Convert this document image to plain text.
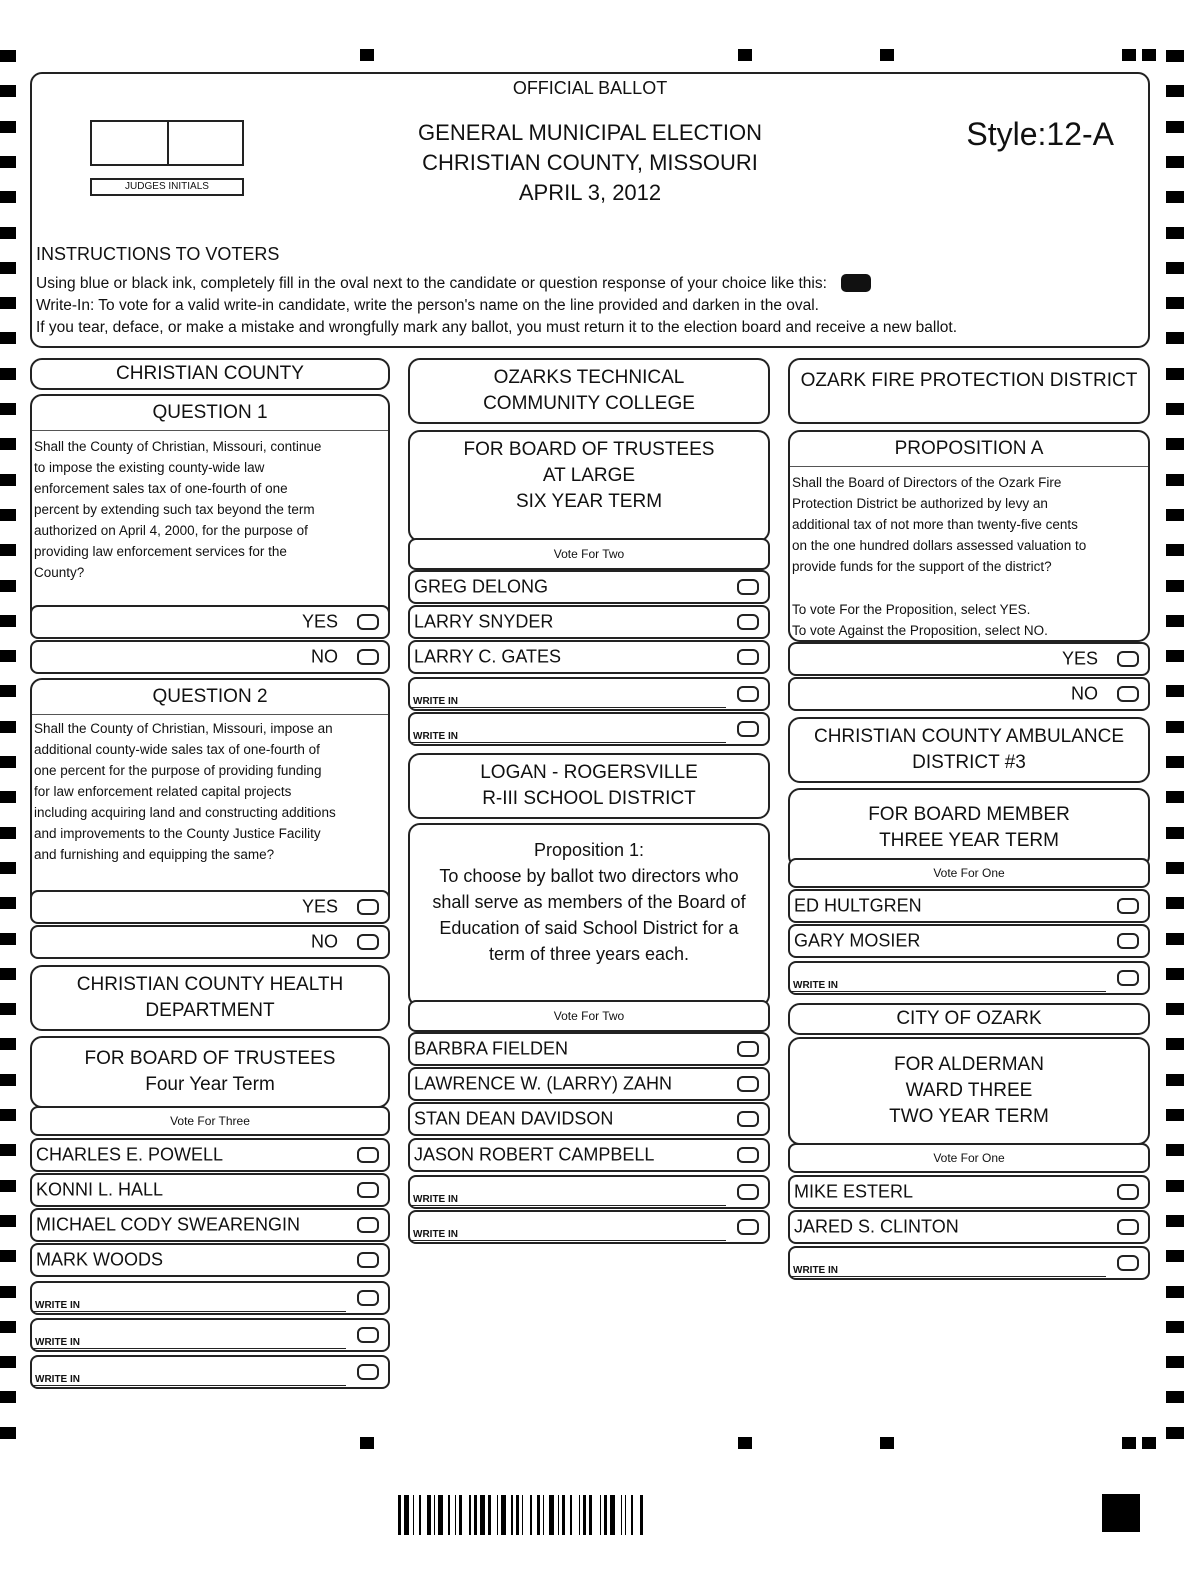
OFFICIAL BALLOT
GENERAL MUNICIPAL ELECTION
CHRISTIAN COUNTY, MISSOURI
APRIL 3, 2012
Style:12-A
JUDGES INITIALS
INSTRUCTIONS TO VOTERS
Using blue or black ink, completely fill in the oval next to the candidate or question response of your choice like this:
Write-In: To vote for a valid write-in candidate, write the person's name on the line provided and darken in the oval.
If you tear, deface, or make a mistake and wrongfully mark any ballot, you must return it to the election board and receive a new ballot.
CHRISTIAN COUNTY
QUESTION 1
Shall the County of Christian, Missouri, continue
to impose the existing county-wide law
enforcement sales tax of one-fourth of one
percent by extending such tax beyond the term
authorized on April 4, 2000, for the purpose of
providing law enforcement services for the
County?
YES
NO
QUESTION 2
Shall the County of Christian, Missouri, impose an
additional county-wide sales tax of one-fourth of
one percent for the purpose of providing funding
for law enforcement related capital projects
including acquiring land and constructing additions
and improvements to the County Justice Facility
and furnishing and equipping the same?
YES
NO
CHRISTIAN COUNTY HEALTH
DEPARTMENT
FOR BOARD OF TRUSTEES
Four Year Term
Vote For Three
CHARLES E. POWELL
KONNI L. HALL
MICHAEL CODY SWEARENGIN
MARK WOODS
WRITE IN
WRITE IN
WRITE IN
OZARKS TECHNICAL
COMMUNITY COLLEGE
FOR BOARD OF TRUSTEES
AT LARGE
SIX YEAR TERM
Vote For Two
GREG DELONG
LARRY SNYDER
LARRY C. GATES
WRITE IN
WRITE IN
LOGAN - ROGERSVILLE
R-III SCHOOL DISTRICT
Proposition 1:
To choose by ballot two directors who
shall serve as members of the Board of
Education of said School District for a
term of three years each.
Vote For Two
BARBRA FIELDEN
LAWRENCE W. (LARRY) ZAHN
STAN DEAN DAVIDSON
JASON ROBERT CAMPBELL
WRITE IN
WRITE IN
OZARK FIRE PROTECTION DISTRICT
PROPOSITION A
Shall the Board of Directors of the Ozark Fire
Protection District be authorized by levy an
additional tax of not more than twenty-five cents
on the one hundred dollars assessed valuation to
provide funds for the support of the district?
To vote For the Proposition, select YES.
To vote Against the Proposition, select NO.
YES
NO
CHRISTIAN COUNTY AMBULANCE
DISTRICT #3
FOR BOARD MEMBER
THREE YEAR TERM
Vote For One
ED HULTGREN
GARY MOSIER
WRITE IN
CITY OF OZARK
FOR ALDERMAN
WARD THREE
TWO YEAR TERM
Vote For One
MIKE ESTERL
JARED S. CLINTON
WRITE IN
